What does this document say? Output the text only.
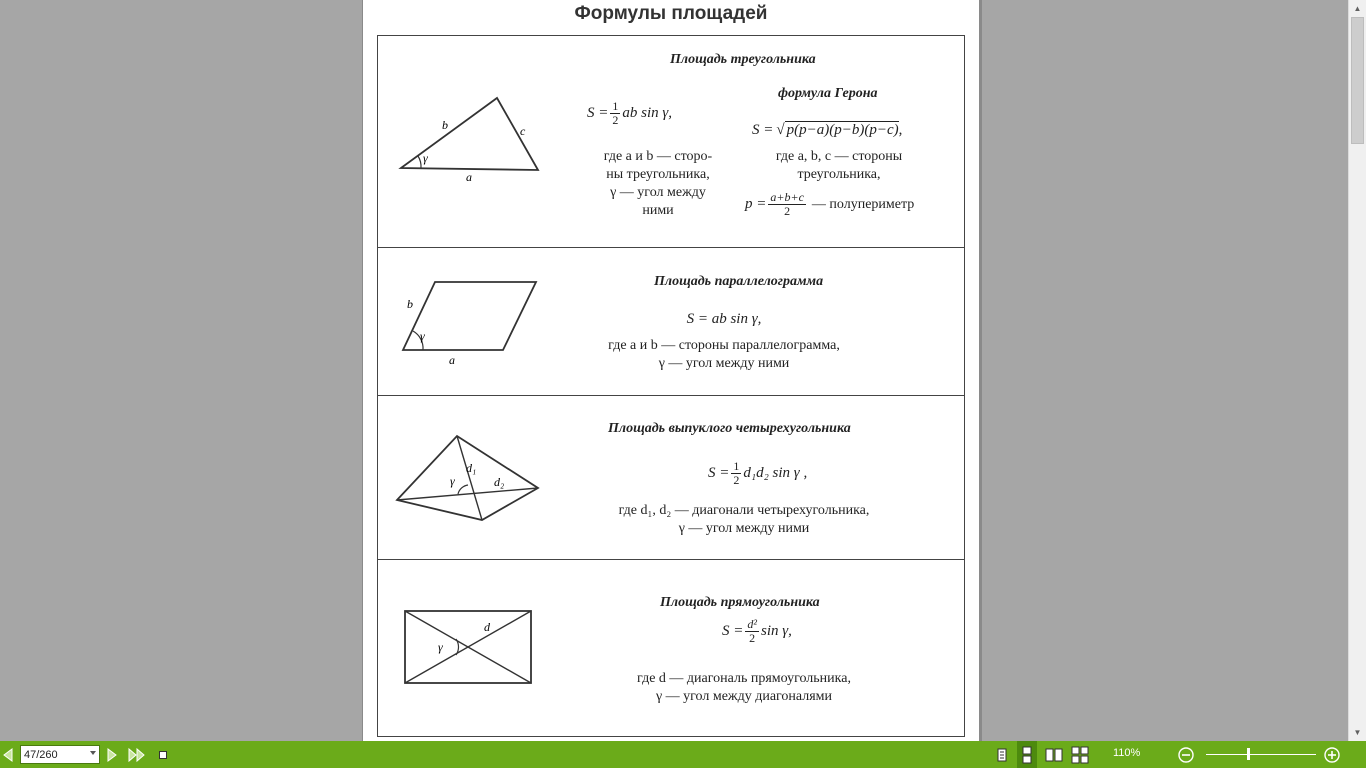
Формулы площадей
Площадь треугольника
b	c
a
γ
$S = \frac{1}{2}$ ab sin γ,
где a и b — сторо-
ны треугольника,
γ — угол между
ними
формула Герона
S = √ p(p−a)(p−b)(p−c) ,
где a, b, c — стороны
треугольника,
$p = \frac{a+b+c}{2}$ — полупериметр
Площадь параллелограмма
b
a
γ
S = ab sin γ,
где a и b — стороны параллелограмма,
γ — угол между ними
Площадь выпуклого четырехугольника
d₁
d₂
γ	$S = \frac{1}{2} d_1d_2$ sin γ ,
где d₁, d₂ — диагонали четырехугольника,
γ — угол между ними
Площадь прямоугольника
d
γ
$S = \frac{\text{d²}}{2}$ sin γ,
где d — диагональ прямоугольника,
γ — угол между диагоналями
▲
▼
47/260	110%
